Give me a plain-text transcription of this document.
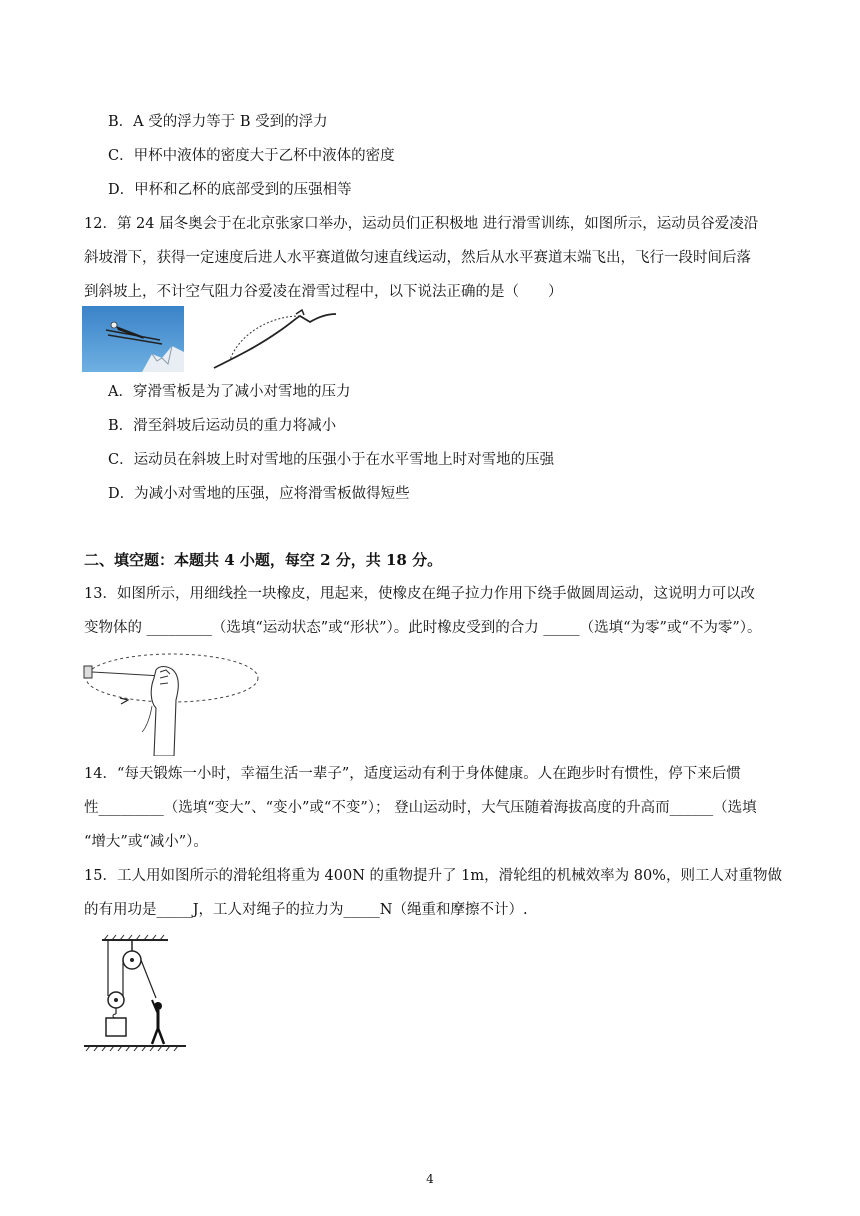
B．A 受的浮力等于 B 受到的浮力
C．甲杯中液体的密度大于乙杯中液体的密度
D．甲杯和乙杯的底部受到的压强相等
12．第 24 届冬奥会于在北京张家口举办，运动员们正积极地 进行滑雪训练，如图所示，运动员谷爱凌沿
斜坡滑下，获得一定速度后进人水平赛道做匀速直线运动，然后从水平赛道末端飞出，飞行一段时间后落
到斜坡上，不计空气阻力谷爱凌在滑雪过程中，以下说法正确的是（　　）
A．穿滑雪板是为了减小对雪地的压力
B．滑至斜坡后运动员的重力将减小
C．运动员在斜坡上时对雪地的压强小于在水平雪地上时对雪地的压强
D．为减小对雪地的压强，应将滑雪板做得短些
二、填空题：本题共 4 小题，每空 2 分，共 18 分。
13．如图所示，用细线拴一块橡皮，甩起来，使橡皮在绳子拉力作用下绕手做圆周运动，这说明力可以改
变物体的 _________（选填“运动状态”或“形状”）。此时橡皮受到的合力 _____（选填“为零”或“不为零”）。
14．“每天锻炼一小时，幸福生活一辈子”，适度运动有利于身体健康。人在跑步时有惯性，停下来后惯
性_________（选填“变大”、“变小”或“不变”）； 登山运动时，大气压随着海拔高度的升高而______（选填
“增大”或“减小”）。
15．工人用如图所示的滑轮组将重为 400N 的重物提升了 1m，滑轮组的机械效率为 80%，则工人对重物做
的有用功是_____J，工人对绳子的拉力为_____N（绳重和摩擦不计）.
4
